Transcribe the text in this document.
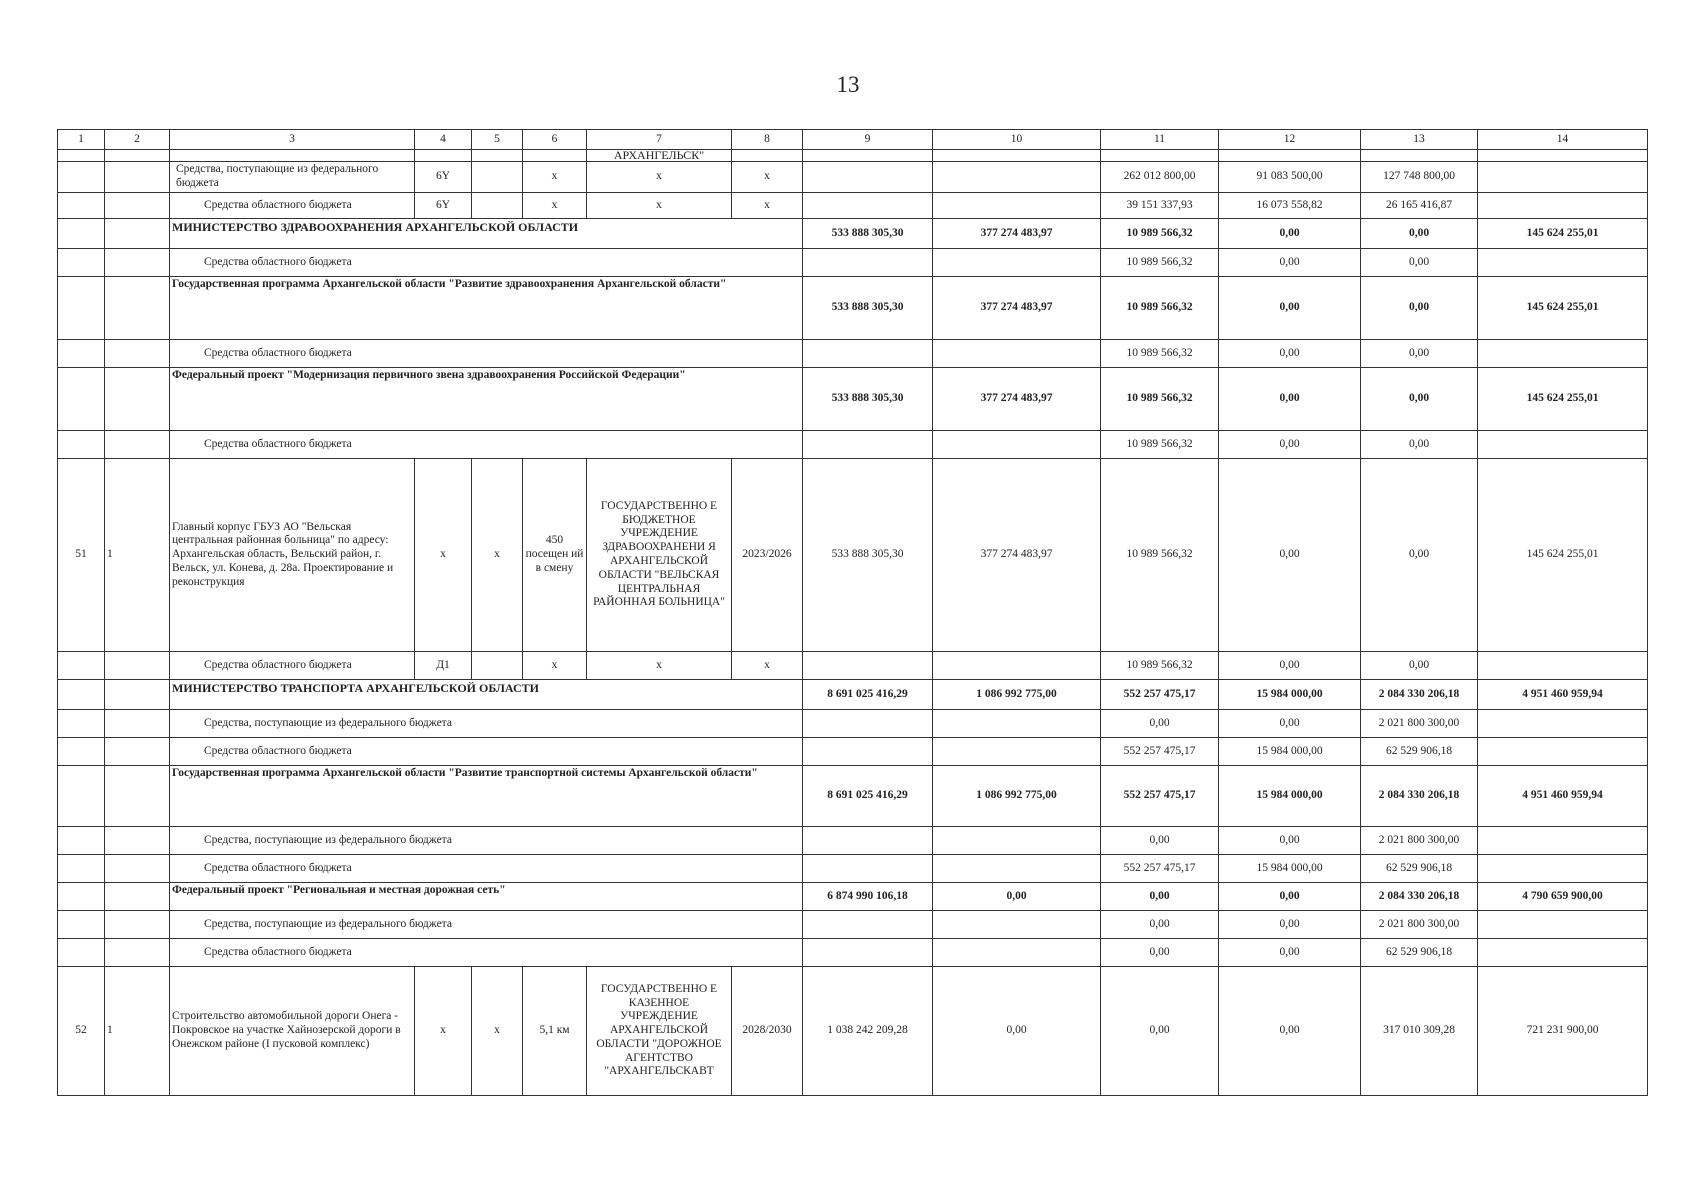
13
1	2	3	4	5	6	7	8	9	10	11	12	13	14
						АРХАНГЕЛЬСК"							
		Средства, поступающие из федерального бюджета	6Y		x	x	x			262 012 800,00	91 083 500,00	127 748 800,00	
		Средства областного бюджета	6Y		x	x	x			39 151 337,93	16 073 558,82	26 165 416,87	
		МИНИСТЕРСТВО ЗДРАВООХРАНЕНИЯ АРХАНГЕЛЬСКОЙ ОБЛАСТИ						533 888 305,30	377 274 483,97	10 989 566,32	0,00	0,00	145 624 255,01
		Средства областного бюджета								10 989 566,32	0,00	0,00	
		Государственная программа Архангельской области "Развитие здравоохранения Архангельской области"						533 888 305,30	377 274 483,97	10 989 566,32	0,00	0,00	145 624 255,01
		Средства областного бюджета								10 989 566,32	0,00	0,00	
		Федеральный проект "Модернизация первичного звена здравоохранения Российской Федерации"						533 888 305,30	377 274 483,97	10 989 566,32	0,00	0,00	145 624 255,01
		Средства областного бюджета								10 989 566,32	0,00	0,00	
51	1	Главный корпус ГБУЗ АО "Вельская центральная районная больница" по адресу: Архангельская область, Вельский район, г. Вельск, ул. Конева, д. 28а. Проектирование и реконструкция	x	x	450 посещен ий в смену	ГОСУДАРСТВЕННО Е БЮДЖЕТНОЕ УЧРЕЖДЕНИЕ ЗДРАВООХРАНЕНИ Я АРХАНГЕЛЬСКОЙ ОБЛАСТИ "ВЕЛЬСКАЯ ЦЕНТРАЛЬНАЯ РАЙОННАЯ БОЛЬНИЦА"	2023/2026	533 888 305,30	377 274 483,97	10 989 566,32	0,00	0,00	145 624 255,01
		Средства областного бюджета	Д1		x	x	x			10 989 566,32	0,00	0,00	
		МИНИСТЕРСТВО ТРАНСПОРТА АРХАНГЕЛЬСКОЙ ОБЛАСТИ						8 691 025 416,29	1 086 992 775,00	552 257 475,17	15 984 000,00	2 084 330 206,18	4 951 460 959,94
		Средства, поступающие из федерального бюджета								0,00	0,00	2 021 800 300,00	
		Средства областного бюджета								552 257 475,17	15 984 000,00	62 529 906,18	
		Государственная программа Архангельской области "Развитие транспортной системы Архангельской области"						8 691 025 416,29	1 086 992 775,00	552 257 475,17	15 984 000,00	2 084 330 206,18	4 951 460 959,94
		Средства, поступающие из федерального бюджета								0,00	0,00	2 021 800 300,00	
		Средства областного бюджета								552 257 475,17	15 984 000,00	62 529 906,18	
		Федеральный проект "Региональная и местная дорожная сеть"						6 874 990 106,18	0,00	0,00	0,00	2 084 330 206,18	4 790 659 900,00
		Средства, поступающие из федерального бюджета								0,00	0,00	2 021 800 300,00	
		Средства областного бюджета								0,00	0,00	62 529 906,18	
52	1	Строительство автомобильной дороги Онега - Покровское на участке Хайнозерской дороги в Онежском районе (I пусковой комплекс)	x	x	5,1 км	ГОСУДАРСТВЕННО Е КАЗЕННОЕ УЧРЕЖДЕНИЕ АРХАНГЕЛЬСКОЙ ОБЛАСТИ "ДОРОЖНОЕ АГЕНТСТВО "АРХАНГЕЛЬСКАВТ	2028/2030	1 038 242 209,28	0,00	0,00	0,00	317 010 309,28	721 231 900,00
